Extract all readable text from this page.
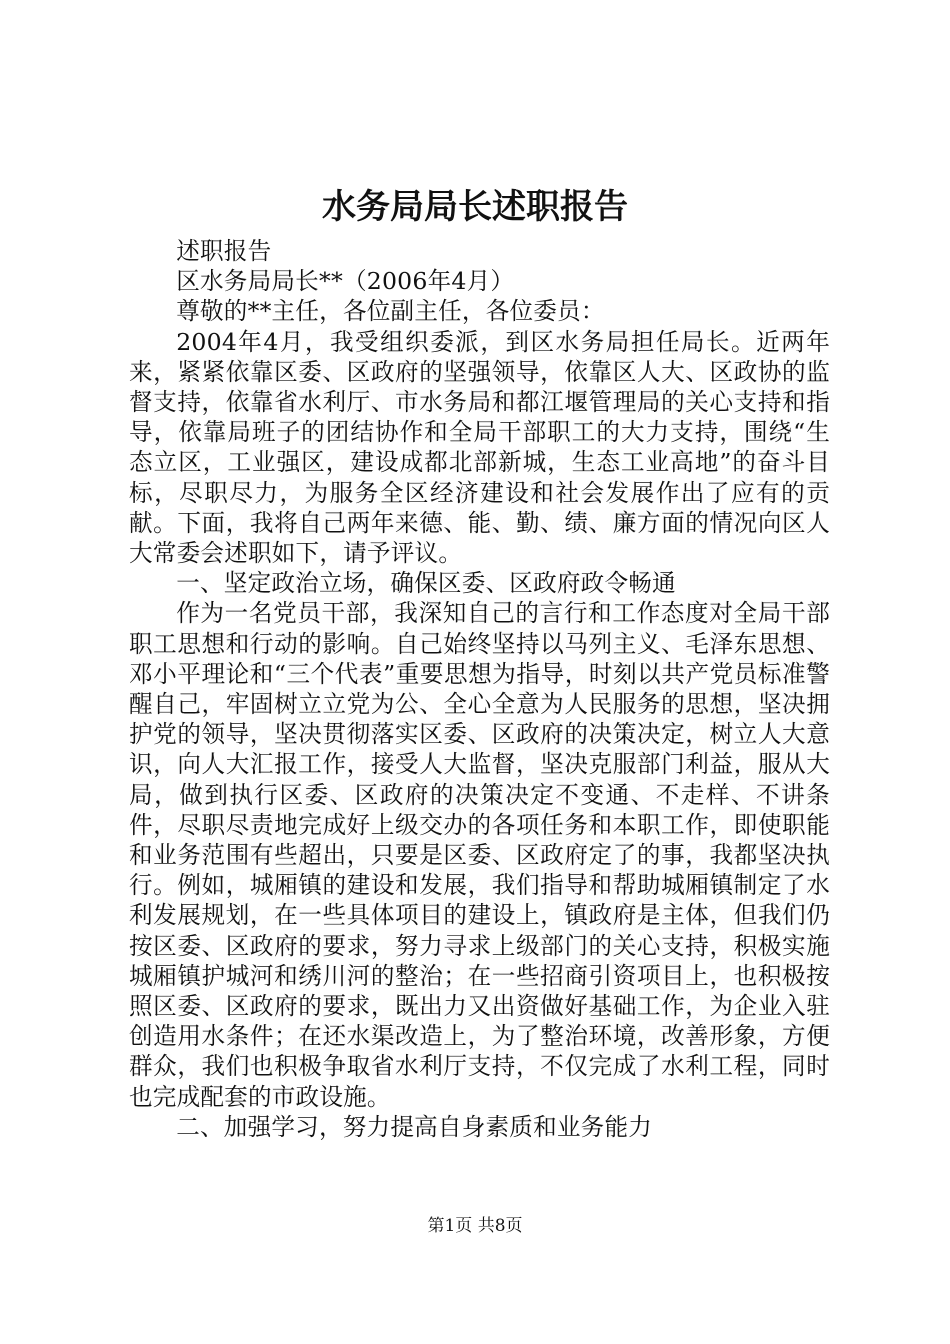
水务局局长述职报告

述职报告

区水务局局长**（2006年4月）

尊敬的**主任，各位副主任，各位委员：

2004年4月，我受组织委派，到区水务局担任局长。近两年来，紧紧依靠区委、区政府的坚强领导，依靠区人大、区政协的监督支持，依靠省水利厅、市水务局和都江堰管理局的关心支持和指导，依靠局班子的团结协作和全局干部职工的大力支持，围绕“生态立区，工业强区，建设成都北部新城，生态工业高地”的奋斗目标，尽职尽力，为服务全区经济建设和社会发展作出了应有的贡献。下面，我将自己两年来德、能、勤、绩、廉方面的情况向区人大常委会述职如下，请予评议。

一、坚定政治立场，确保区委、区政府政令畅通

作为一名党员干部，我深知自己的言行和工作态度对全局干部职工思想和行动的影响。自己始终坚持以马列主义、毛泽东思想、邓小平理论和“三个代表”重要思想为指导，时刻以共产党员标准警醒自己，牢固树立立党为公、全心全意为人民服务的思想，坚决拥护党的领导，坚决贯彻落实区委、区政府的决策决定，树立人大意识，向人大汇报工作，接受人大监督，坚决克服部门利益，服从大局，做到执行区委、区政府的决策决定不变通、不走样、不讲条件，尽职尽责地完成好上级交办的各项任务和本职工作，即使职能和业务范围有些超出，只要是区委、区政府定了的事，我都坚决执行。例如，城厢镇的建设和发展，我们指导和帮助城厢镇制定了水利发展规划，在一些具体项目的建设上，镇政府是主体，但我们仍按区委、区政府的要求，努力寻求上级部门的关心支持，积极实施城厢镇护城河和绣川河的整治；在一些招商引资项目上，也积极按照区委、区政府的要求，既出力又出资做好基础工作，为企业入驻创造用水条件；在还水渠改造上，为了整治环境，改善形象，方便群众，我们也积极争取省水利厅支持，不仅完成了水利工程，同时也完成配套的市政设施。

二、加强学习，努力提高自身素质和业务能力

第1页 共8页
